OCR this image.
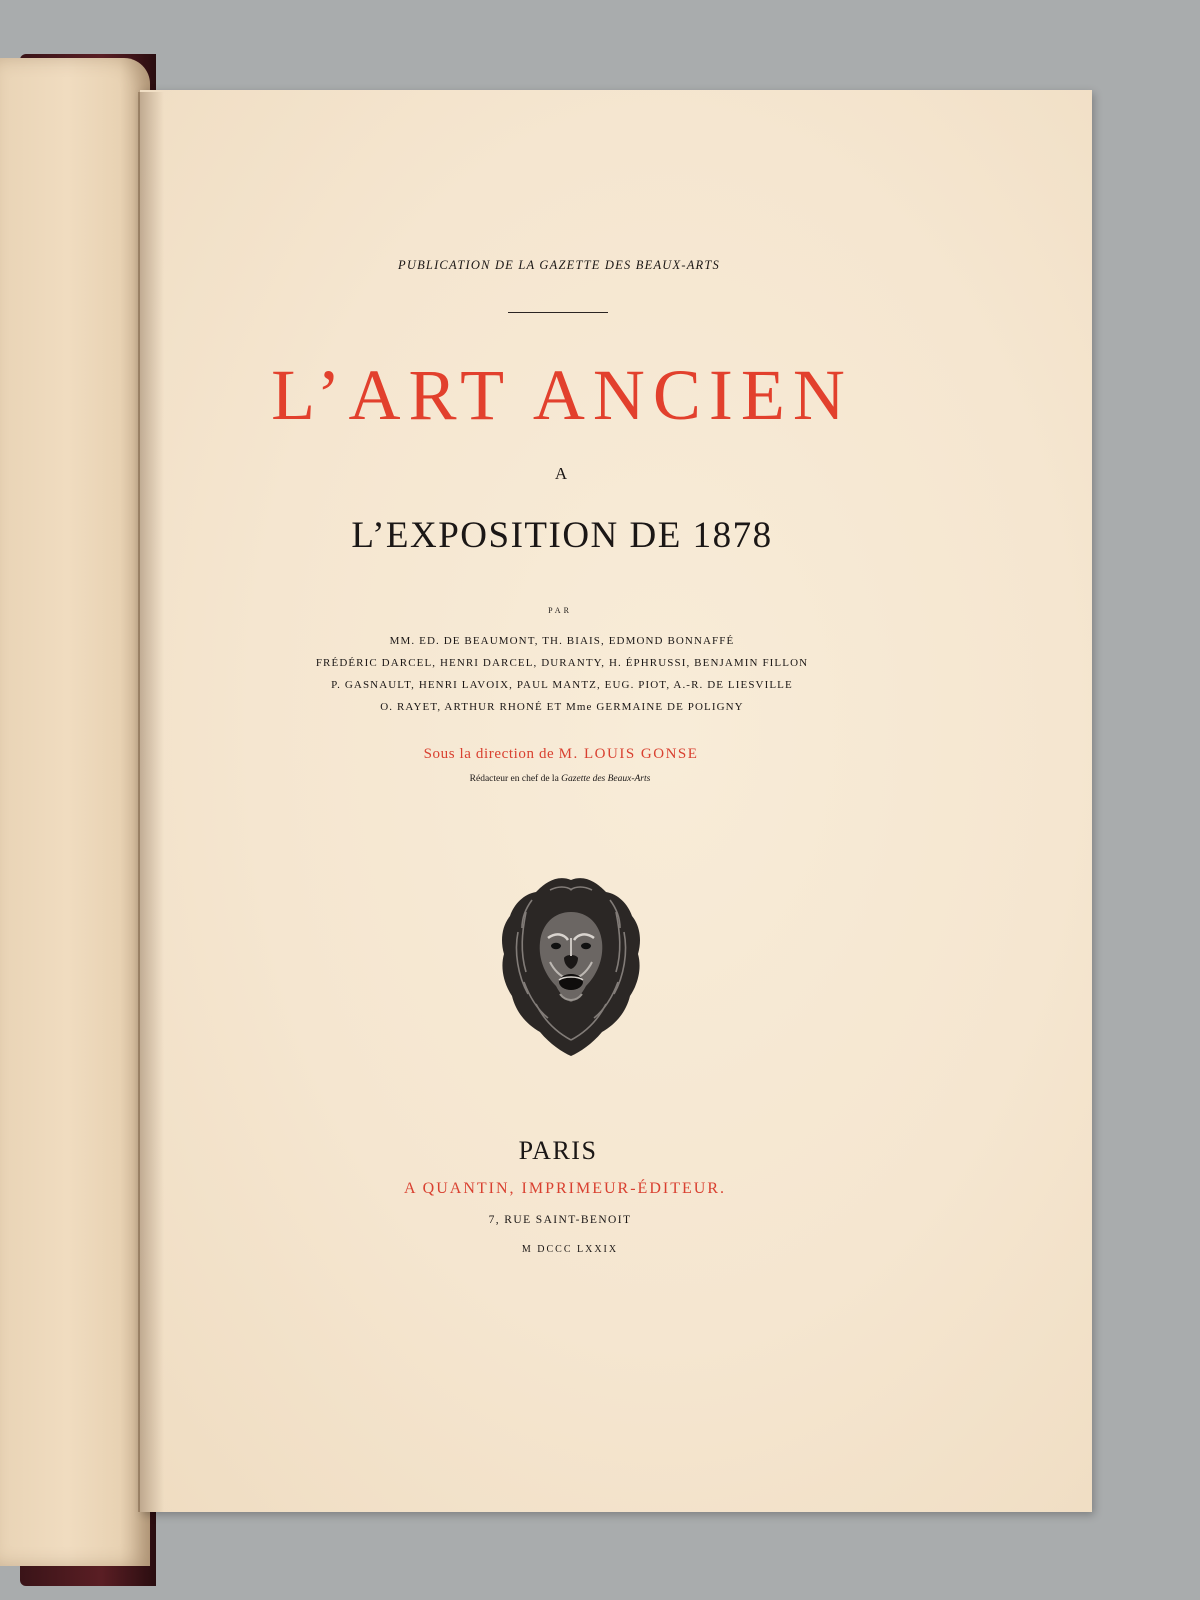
PUBLICATION DE LA GAZETTE DES BEAUX-ARTS
L’ART ANCIEN
A
L’EXPOSITION DE 1878
PAR
MM. ED. DE BEAUMONT, TH. BIAIS, EDMOND BONNAFFÉ
FRÉDÉRIC DARCEL, HENRI DARCEL, DURANTY, H. ÉPHRUSSI, BENJAMIN FILLON
P. GASNAULT, HENRI LAVOIX, PAUL MANTZ, EUG. PIOT, A.-R. DE LIESVILLE
O. RAYET, ARTHUR RHONÉ ET Mme GERMAINE DE POLIGNY
Sous la direction de M. LOUIS GONSE
Rédacteur en chef de la Gazette des Beaux-Arts
PARIS
A QUANTIN, IMPRIMEUR-ÉDITEUR.
7, RUE SAINT-BENOIT
M DCCC LXXIX
